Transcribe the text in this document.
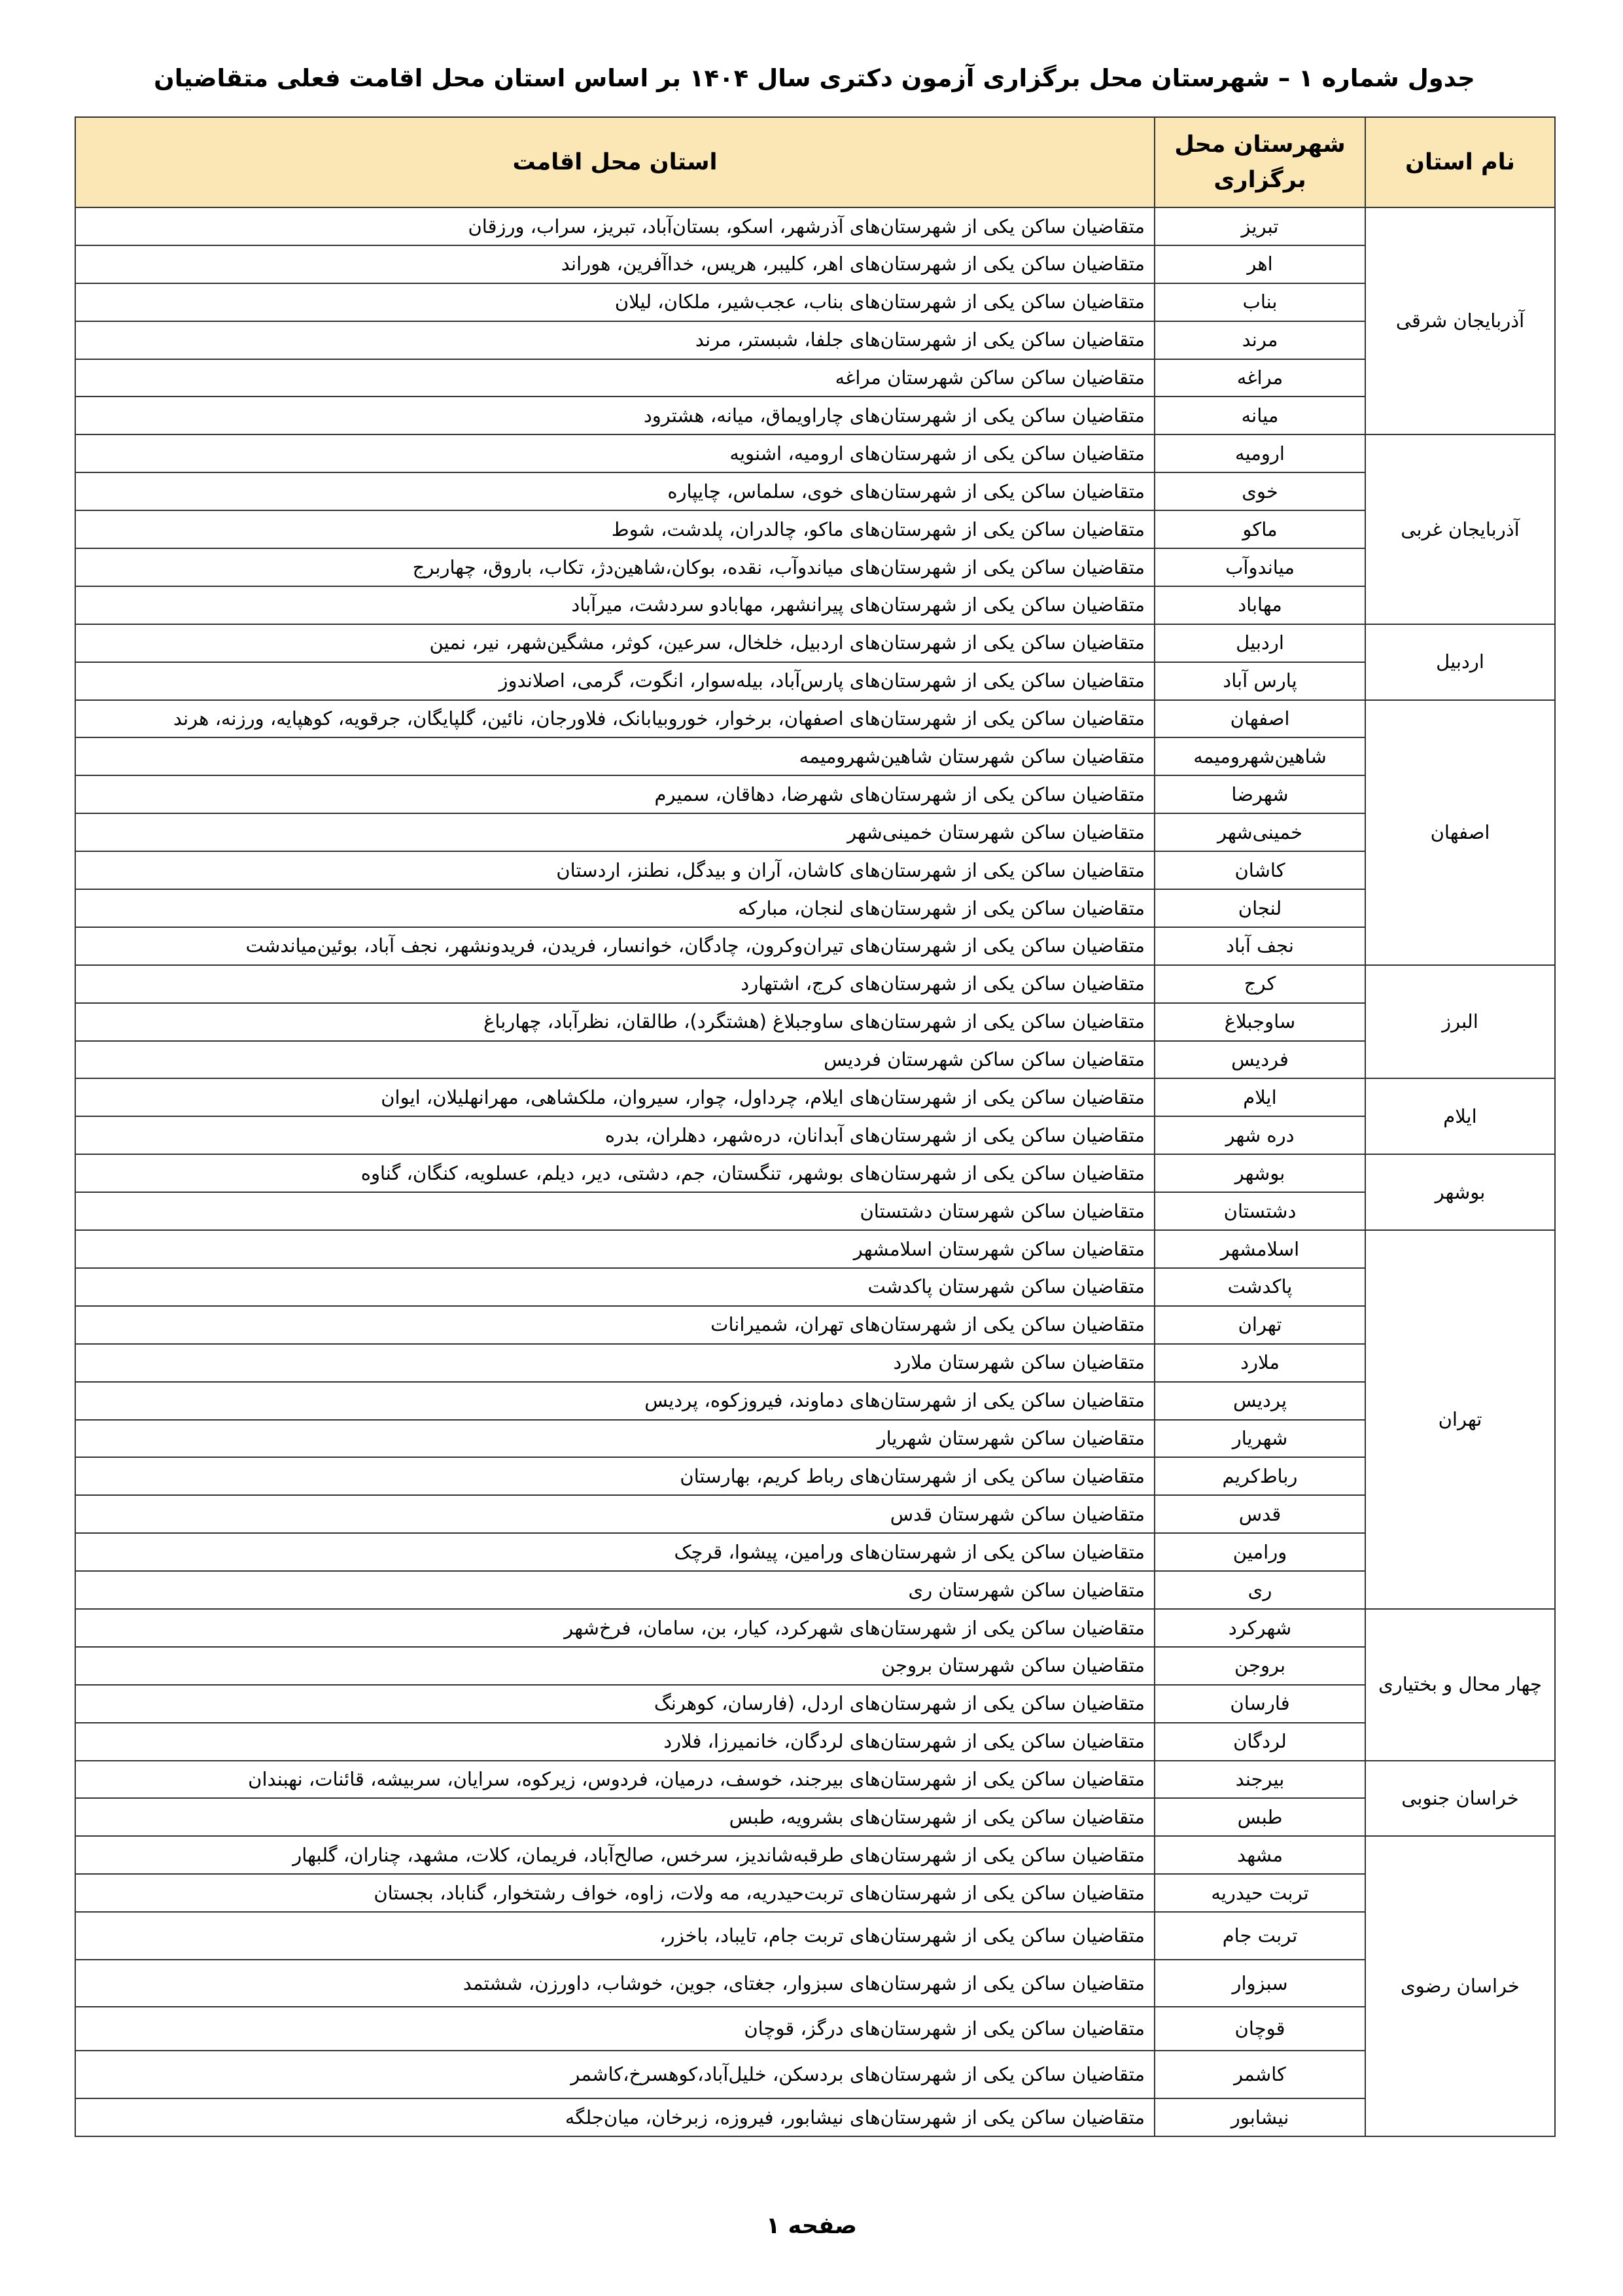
جدول شماره ۱ – شهرستان محل برگزاری آزمون دکتری سال ۱۴۰۴ بر اساس استان محل اقامت فعلی متقاضیان
نام استان	شهرستان محل برگزاری	استان محل اقامت
آذربایجان شرقی	تبریز	متقاضیان ساکن یکی از شهرستان‌های آذرشهر، اسکو، بستان‌آباد، تبریز، سراب، ورزقان
	اهر	متقاضیان ساکن یکی از شهرستان‌های اهر، کلیبر، هریس، خداآفرین، هوراند
	بناب	متقاضیان ساکن یکی از شهرستان‌های بناب، عجب‌شیر، ملکان، لیلان
	مرند	متقاضیان ساکن یکی از شهرستان‌های جلفا، شبستر، مرند
	مراغه	متقاضیان ساکن ساکن شهرستان مراغه
	میانه	متقاضیان ساکن یکی از شهرستان‌های چاراویماق، میانه، هشترود
آذربایجان غربی	ارومیه	متقاضیان ساکن یکی از شهرستان‌های ارومیه، اشنویه
	خوی	متقاضیان ساکن یکی از شهرستان‌های خوی، سلماس، چایپاره
	ماکو	متقاضیان ساکن یکی از شهرستان‌های ماکو، چالدران، پلدشت، شوط
	میاندوآب	متقاضیان ساکن یکی از شهرستان‌های میاندوآب، نقده، بوکان،شاهین‌دژ، تکاب، باروق، چهاربرج
	مهاباد	متقاضیان ساکن یکی از شهرستان‌های پیرانشهر، مهابادو سردشت، میرآباد
اردبیل	اردبیل	متقاضیان ساکن یکی از شهرستان‌های اردبیل، خلخال، سرعین، کوثر، مشگین‌شهر، نیر، نمین
	پارس آباد	متقاضیان ساکن یکی از شهرستان‌های پارس‌آباد، بیله‌سوار، انگوت، گرمی، اصلاندوز
اصفهان	اصفهان	متقاضیان ساکن یکی از شهرستان‌های اصفهان، برخوار، خوروبیابانک، فلاورجان، نائین، گلپایگان، جرقویه، کوهپایه، ورزنه، هرند
	شاهین‌شهرومیمه	متقاضیان ساکن شهرستان شاهین‌شهرومیمه
	شهرضا	متقاضیان ساکن یکی از شهرستان‌های شهرضا، دهاقان، سمیرم
	خمینی‌شهر	متقاضیان ساکن شهرستان خمینی‌شهر
	کاشان	متقاضیان ساکن یکی از شهرستان‌های کاشان، آران و بیدگل، نطنز، اردستان
	لنجان	متقاضیان ساکن یکی از شهرستان‌های لنجان، مبارکه
	نجف آباد	متقاضیان ساکن یکی از شهرستان‌های تیران‌وکرون، چادگان، خوانسار، فریدن، فریدونشهر، نجف آباد، بوئین‌میاندشت
البرز	کرج	متقاضیان ساکن یکی از شهرستان‌های کرج، اشتهارد
	ساوجبلاغ	متقاضیان ساکن یکی از شهرستان‌های ساوجبلاغ (هشتگرد)، طالقان، نظرآباد، چهارباغ
	فردیس	متقاضیان ساکن ساکن شهرستان فردیس
ایلام	ایلام	متقاضیان ساکن یکی از شهرستان‌های ایلام، چرداول، چوار، سیروان، ملکشاهی، مهرانهلیلان، ایوان
	دره شهر	متقاضیان ساکن یکی از شهرستان‌های آبدانان، دره‌شهر، دهلران، بدره
بوشهر	بوشهر	متقاضیان ساکن یکی از شهرستان‌های بوشهر، تنگستان، جم، دشتی، دیر، دیلم، عسلویه، کنگان، گناوه
	دشتستان	متقاضیان ساکن شهرستان دشتستان
تهران	اسلامشهر	متقاضیان ساکن شهرستان اسلامشهر
	پاکدشت	متقاضیان ساکن شهرستان پاکدشت
	تهران	متقاضیان ساکن یکی از شهرستان‌های تهران، شمیرانات
	ملارد	متقاضیان ساکن شهرستان ملارد
	پردیس	متقاضیان ساکن یکی از شهرستان‌های دماوند، فیروزکوه، پردیس
	شهریار	متقاضیان ساکن شهرستان شهریار
	رباط‌کریم	متقاضیان ساکن یکی از شهرستان‌های رباط کریم، بهارستان
	قدس	متقاضیان ساکن شهرستان قدس
	ورامین	متقاضیان ساکن یکی از شهرستان‌های ورامین، پیشوا، قرچک
	ری	متقاضیان ساکن شهرستان ری
چهار محال و بختیاری	شهرکرد	متقاضیان ساکن یکی از شهرستان‌های شهرکرد، کیار، بن، سامان، فرخ‌شهر
	بروجن	متقاضیان ساکن شهرستان بروجن
	فارسان	متقاضیان ساکن یکی از شهرستان‌های اردل، (فارسان، کوهرنگ
	لردگان	متقاضیان ساکن یکی از شهرستان‌های لردگان، خانمیرزا، فلارد
خراسان جنوبی	بیرجند	متقاضیان ساکن یکی از شهرستان‌های بیرجند، خوسف، درمیان، فردوس، زیرکوه، سرایان، سربیشه، قائنات، نهبندان
	طبس	متقاضیان ساکن یکی از شهرستان‌های بشرویه، طبس
خراسان رضوی	مشهد	متقاضیان ساکن یکی از شهرستان‌های طرقبه‌شاندیز، سرخس، صالح‌آباد، فریمان، کلات، مشهد، چناران، گلبهار
	تربت حیدریه	متقاضیان ساکن یکی از شهرستان‌های تربت‌حیدریه، مه ولات، زاوه، خواف رشتخوار، گناباد، بجستان
	تربت جام	متقاضیان ساکن یکی از شهرستان‌های تربت جام، تایباد، باخزر،
	سبزوار	متقاضیان ساکن یکی از شهرستان‌های سبزوار، جغتای، جوین، خوشاب، داورزن، ششتمد
	قوچان	متقاضیان ساکن یکی از شهرستان‌های درگز، قوچان
	کاشمر	متقاضیان ساکن یکی از شهرستان‌های بردسکن، خلیل‌آباد،کوهسرخ،کاشمر
	نیشابور	متقاضیان ساکن یکی از شهرستان‌های نیشابور، فیروزه، زبرخان، میان‌جلگه
صفحه ۱
